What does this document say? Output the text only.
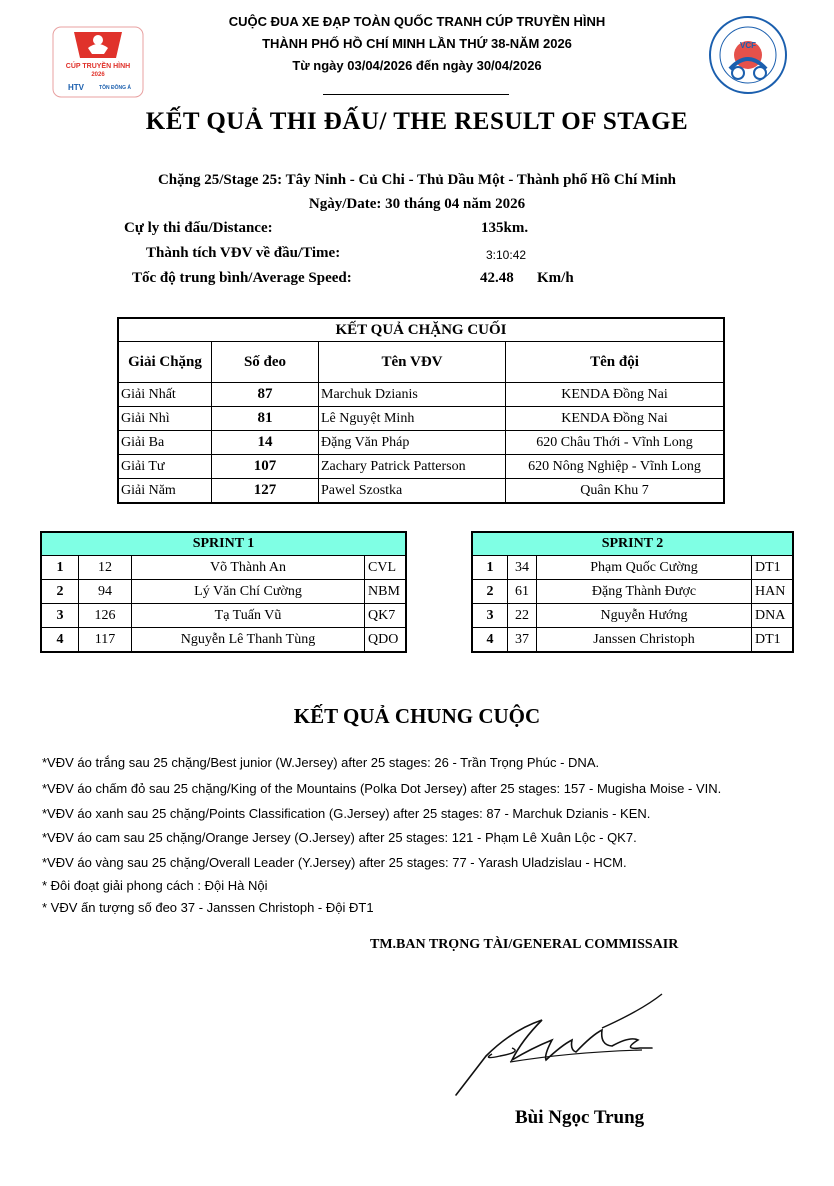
CUỘC ĐUA XE ĐẠP TOÀN QUỐC TRANH CÚP TRUYỀN HÌNH
THÀNH PHỐ HỒ CHÍ MINH LẦN THỨ 38-NĂM 2026
Từ ngày 03/04/2026 đến ngày 30/04/2026
CÚP TRUYỀN HÌNH
2026
HTV	TÔN ĐÔNG Á
VCF
KẾT QUẢ THI ĐẤU/ THE RESULT OF STAGE
Chặng 25/Stage 25: Tây Ninh - Củ Chi - Thủ Dầu Một - Thành phố Hồ Chí Minh
Ngày/Date: 30 tháng 04 năm 2026
Cự ly thi đấu/Distance:	135km.
Thành tích VĐV về đầu/Time:	3:10:42
Tốc độ trung bình/Average Speed:	42.48 Km/h
KẾT QUẢ CHẶNG CUỐI			
Giải Chặng	Số đeo	Tên VĐV	Tên đội
Giải Nhất	87	Marchuk Dzianis	KENDA Đồng Nai
Giải Nhì	81	Lê Nguyệt Minh	KENDA Đồng Nai
Giải Ba	14	Đặng Văn Pháp	620 Châu Thới - Vĩnh Long
Giải Tư	107	Zachary Patrick Patterson	620 Nông Nghiệp - Vĩnh Long
Giải Năm	127	Pawel Szostka	Quân Khu 7
SPRINT 1			
1	12	Võ Thành An	CVL
2	94	Lý Văn Chí Cường	NBM
3	126	Tạ Tuấn Vũ	QK7
4	117	Nguyễn Lê Thanh Tùng	QDO
SPRINT 2			
1	34	Phạm Quốc Cường	DT1
2	61	Đặng Thành Được	HAN
3	22	Nguyễn Hướng	DNA
4	37	Janssen Christoph	DT1
KẾT QUẢ CHUNG CUỘC
*VĐV áo trắng sau 25 chặng/Best junior (W.Jersey) after 25 stages: 26 - Trần Trọng Phúc - DNA.
*VĐV áo chấm đỏ sau 25 chặng/King of the Mountains (Polka Dot Jersey) after 25 stages: 157 - Mugisha Moise - VIN.
*VĐV áo xanh sau 25 chặng/Points Classification (G.Jersey) after 25 stages: 87 - Marchuk Dzianis - KEN.
*VĐV áo cam sau 25 chặng/Orange Jersey (O.Jersey) after 25 stages: 121 - Phạm Lê Xuân Lộc - QK7.
*VĐV áo vàng sau 25 chặng/Overall Leader (Y.Jersey) after 25 stages: 77 - Yarash Uladzislau - HCM.
* Đôi đoạt giải phong cách : Đội Hà Nội
* VĐV ấn tượng số đeo 37 - Janssen Christoph - Đội ĐT1
TM.BAN TRỌNG TÀI/GENERAL COMMISSAIR
Bùi Ngọc Trung
